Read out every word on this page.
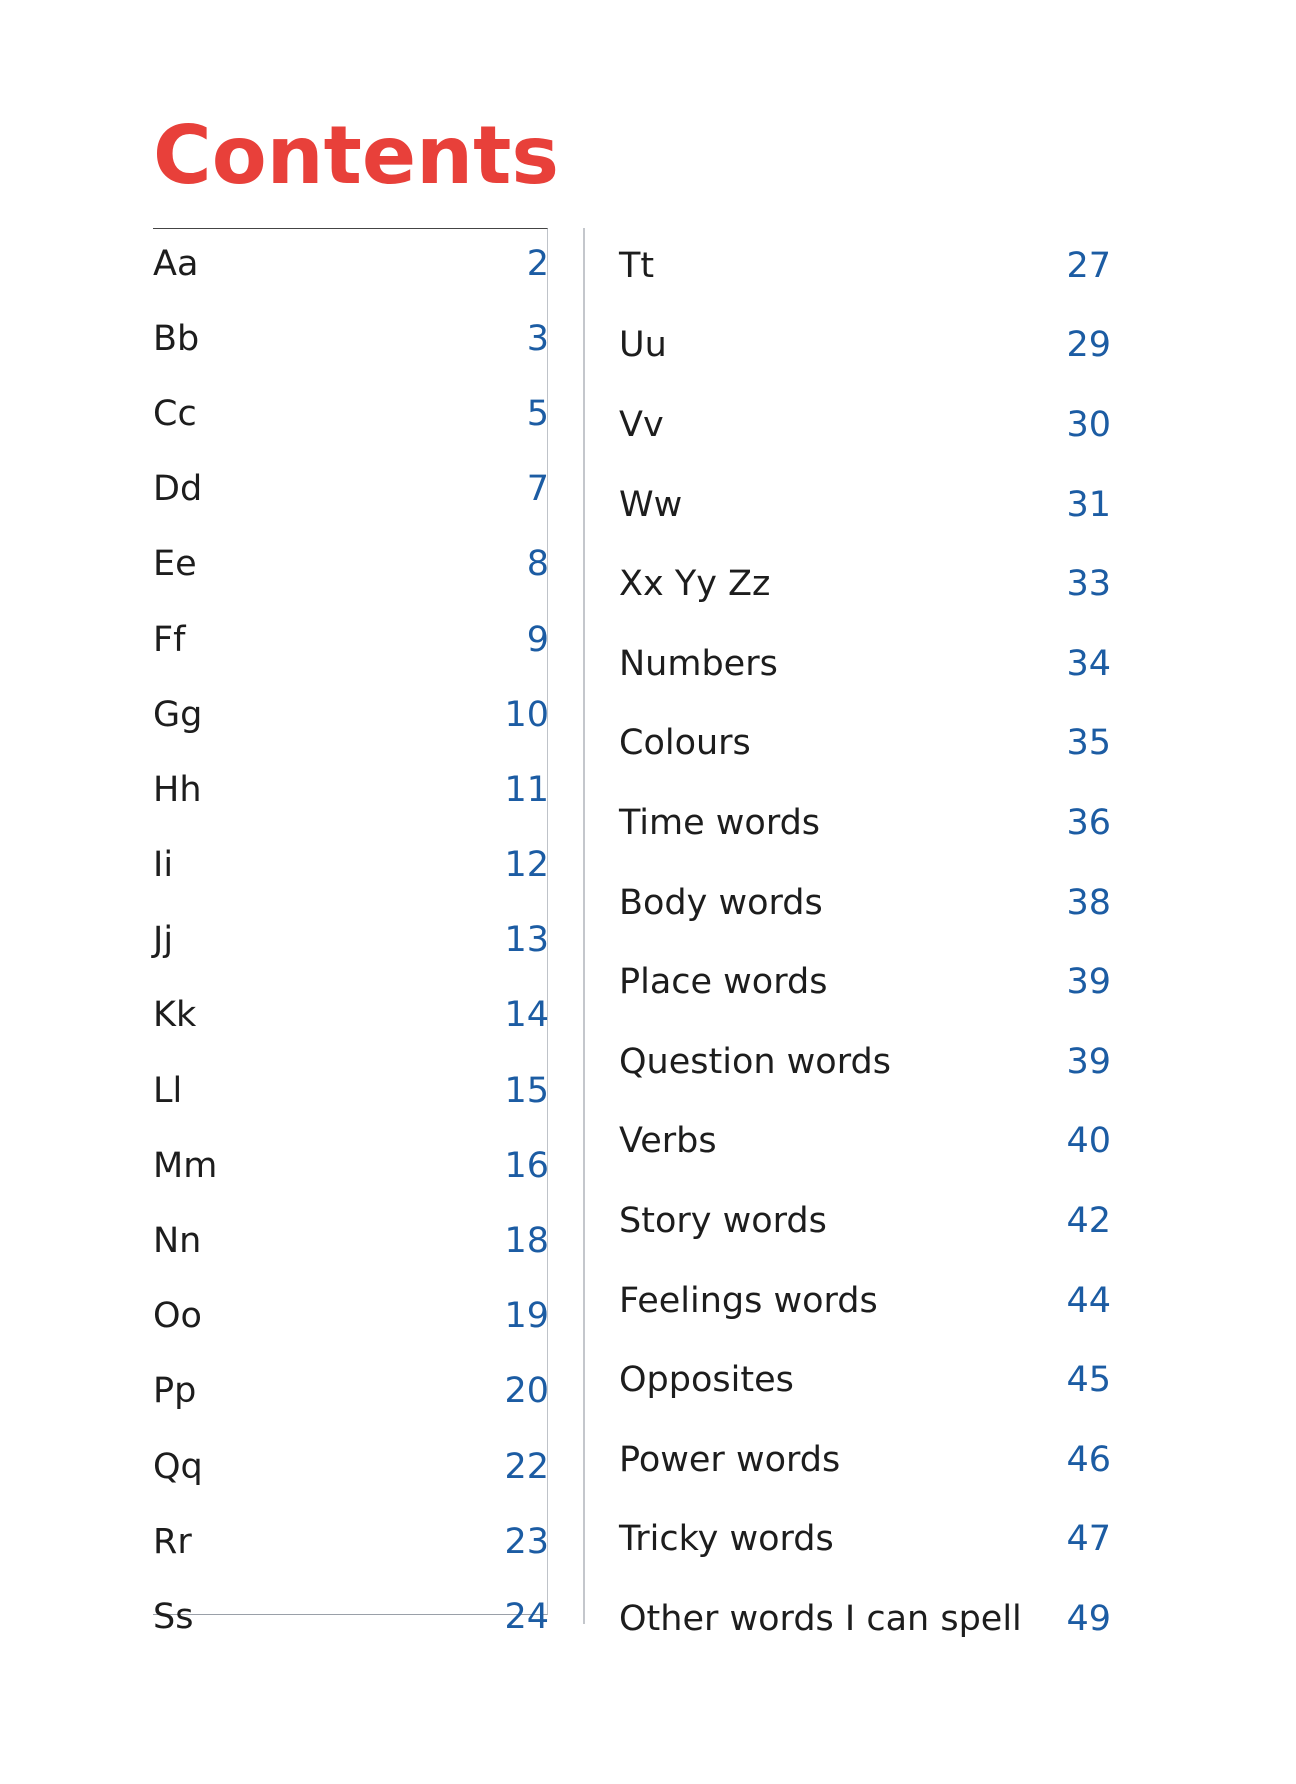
Contents
Aa	2
Bb	3
Cc	5
Dd	7
Ee	8
Ff	9
Gg	10
Hh	11
Ii	12
Jj	13
Kk	14
Ll	15
Mm	16
Nn	18
Oo	19
Pp	20
Qq	22
Rr	23
Ss	24
Tt	27
Uu	29
Vv	30
Ww	31
Xx Yy Zz	33
Numbers	34
Colours	35
Time words	36
Body words	38
Place words	39
Question words	39
Verbs	40
Story words	42
Feelings words	44
Opposites	45
Power words	46
Tricky words	47
Other words I can spell 49
